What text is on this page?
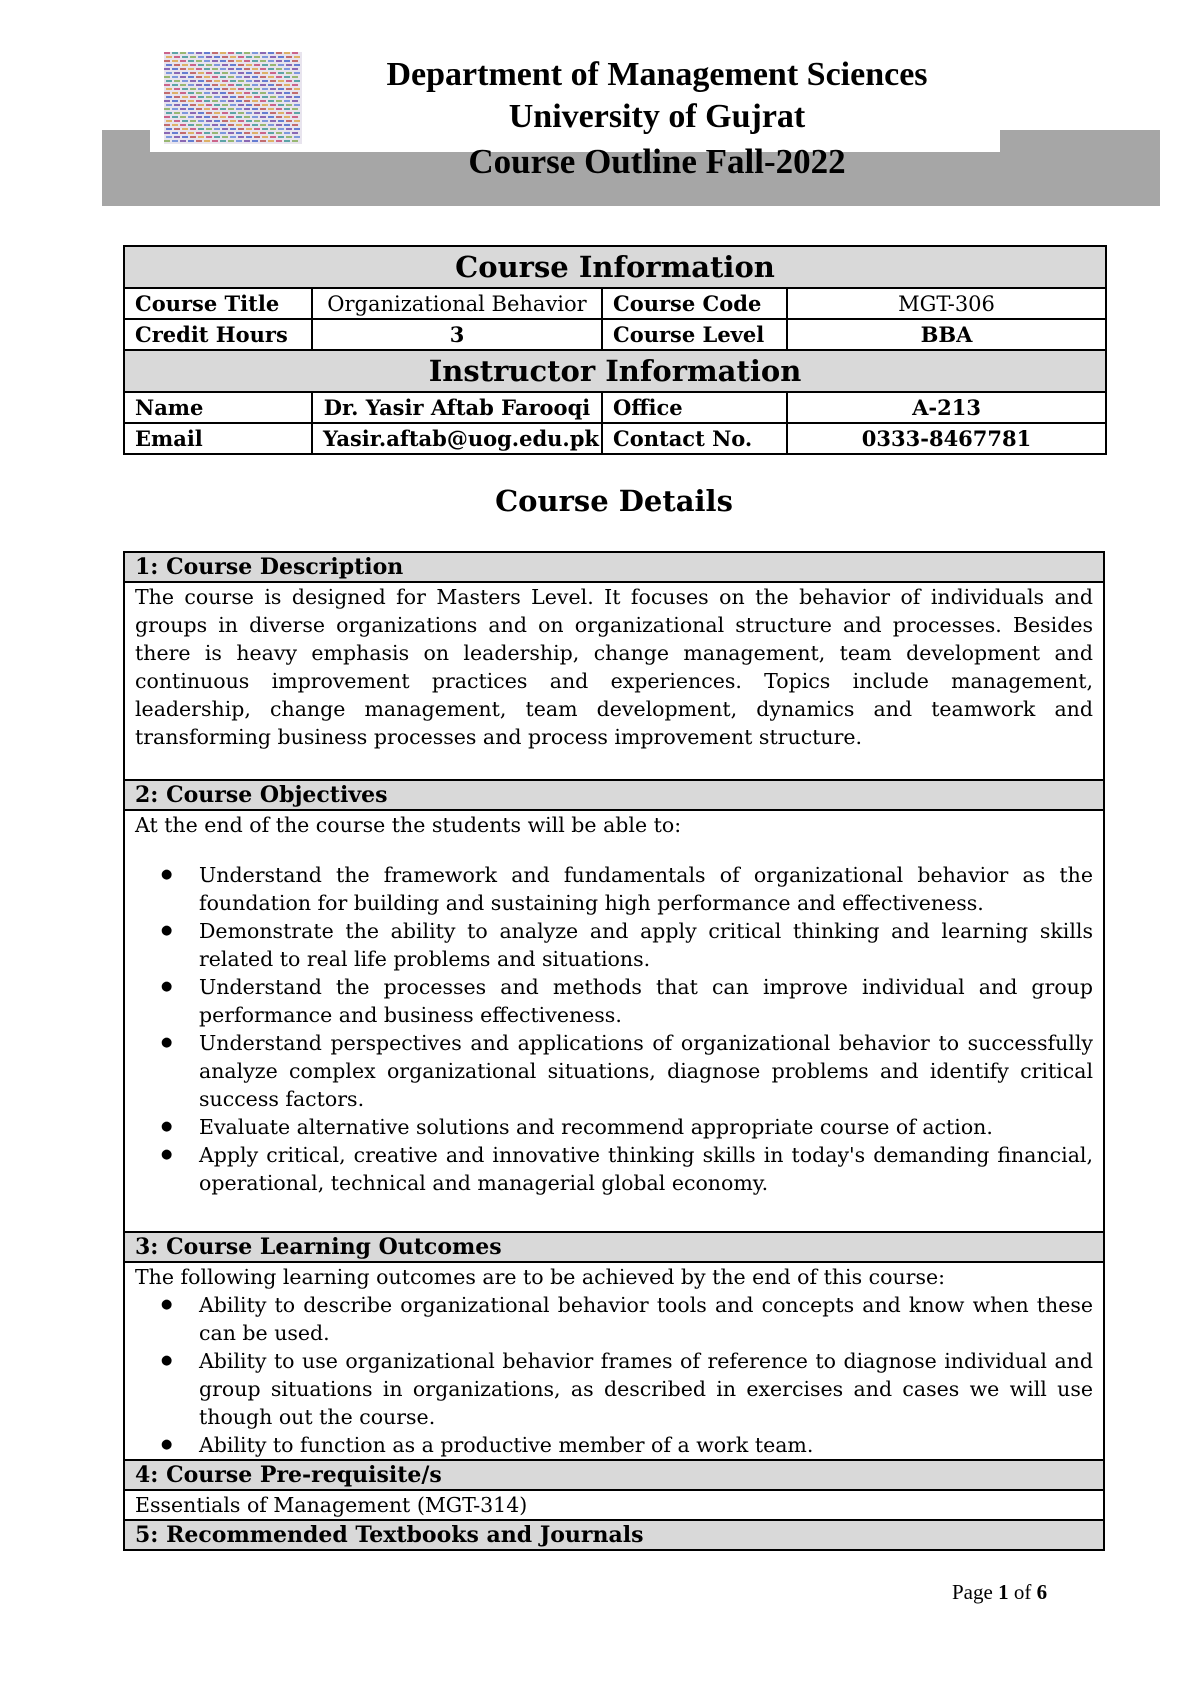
Department of Management Sciences
University of Gujrat
Course Outline Fall-2022
Course Information			
Course Title	Organizational Behavior	Course Code	MGT-306
Credit Hours	3	Course Level	BBA
Instructor Information			
Name	Dr. Yasir Aftab Farooqi	Office	A-213
Email	Yasir.aftab@uog.edu.pk	Contact No.	0333-8467781
Course Details
1: Course Description
The course is designed for Masters Level. It focuses on the behavior of individuals and groups in diverse organizations and on organizational structure and processes. Besides there is heavy emphasis on leadership, change management, team development and continuous improvement practices and experiences. Topics include management, leadership, change management, team development, dynamics and teamwork and transforming business processes and process improvement structure.
2: Course Objectives

At the end of the course the students will be able to:
● Understand the framework and fundamentals of organizational behavior as the foundation for building and sustaining high performance and effectiveness.
● Demonstrate the ability to analyze and apply critical thinking and learning skills related to real life problems and situations.
● Understand the processes and methods that can improve individual and group performance and business effectiveness.
● Understand perspectives and applications of organizational behavior to successfully analyze complex organizational situations, diagnose problems and identify critical success factors.
● Evaluate alternative solutions and recommend appropriate course of action.
● Apply critical, creative and innovative thinking skills in today's demanding financial, operational, technical and managerial global economy.

3: Course Learning Outcomes

The following learning outcomes are to be achieved by the end of this course:
● Ability to describe organizational behavior tools and concepts and know when these can be used.
● Ability to use organizational behavior frames of reference to diagnose individual and group situations in organizations, as described in exercises and cases we will use though out the course.
● Ability to function as a productive member of a work team.

4: Course Pre-requisite/s
Essentials of Management (MGT-314)
5: Recommended Textbooks and Journals
Page 1 of 6
